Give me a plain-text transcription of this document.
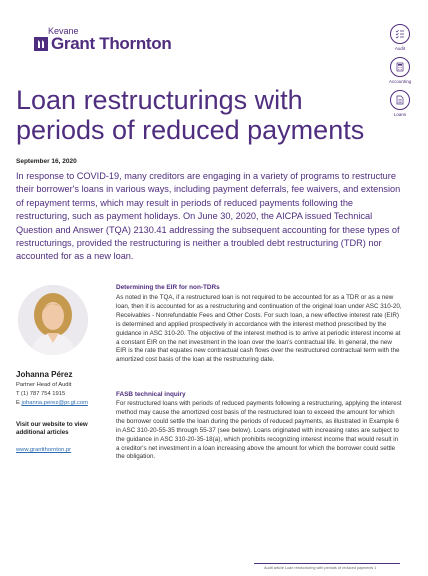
Kevane
Grant Thornton	Audit
Accounting
Loans
Loan restructurings with periods of reduced payments
September 16, 2020

In response to COVID-19, many creditors are engaging in a variety of programs to restructure their borrower's loans in various ways, including payment deferrals, fee waivers, and extension of repayment terms, which may result in periods of reduced payments following the restructuring, such as payment holidays. On June 30, 2020, the AICPA issued Technical Question and Answer (TQA) 2130.41 addressing the subsequent accounting for these types of restructurings, provided the restructuring is neither a troubled debt restructuring (TDR) nor accounted for as a new loan.

Johanna Pérez
Partner Head of Audit
T (1) 787 754 1915
E johanna.perez@pr.gt.com
Visit our website to view additional articles
www.grantthornton.pr
Determining the EIR for non-TDRs

As noted in the TQA, if a restructured loan is not required to be accounted for as a TDR or as a new loan, then it is accounted for as a restructuring and continuation of the original loan under ASC 310-20, Receivables - Nonrefundable Fees and Other Costs. For such loan, a new effective interest rate (EIR) is determined and applied prospectively in accordance with the interest method prescribed by the guidance in ASC 310-20. The objective of the interest method is to arrive at periodic interest income at a constant EIR on the net investment in the loan over the loan's contractual life. In general, the new EIR is the rate that equates new contractual cash flows over the restructured contractual term with the amortized cost basis of the loan at the restructuring date.

FASB technical inquiry

For restructured loans with periods of reduced payments following a restructuring, applying the interest method may cause the amortized cost basis of the restructured loan to exceed the amount for which the borrower could settle the loan during the periods of reduced payments, as illustrated in Example 6 in ASC 310-20-55-35 through 55-37 (see below). Loans originated with increasing rates are subject to the guidance in ASC 310-20-35-18(a), which prohibits recognizing interest income that would result in a creditor's net investment in a loan increasing above the amount for which the borrower could settle the obligation.

Audit article Loan restructuring with periods of reduced payments 1
